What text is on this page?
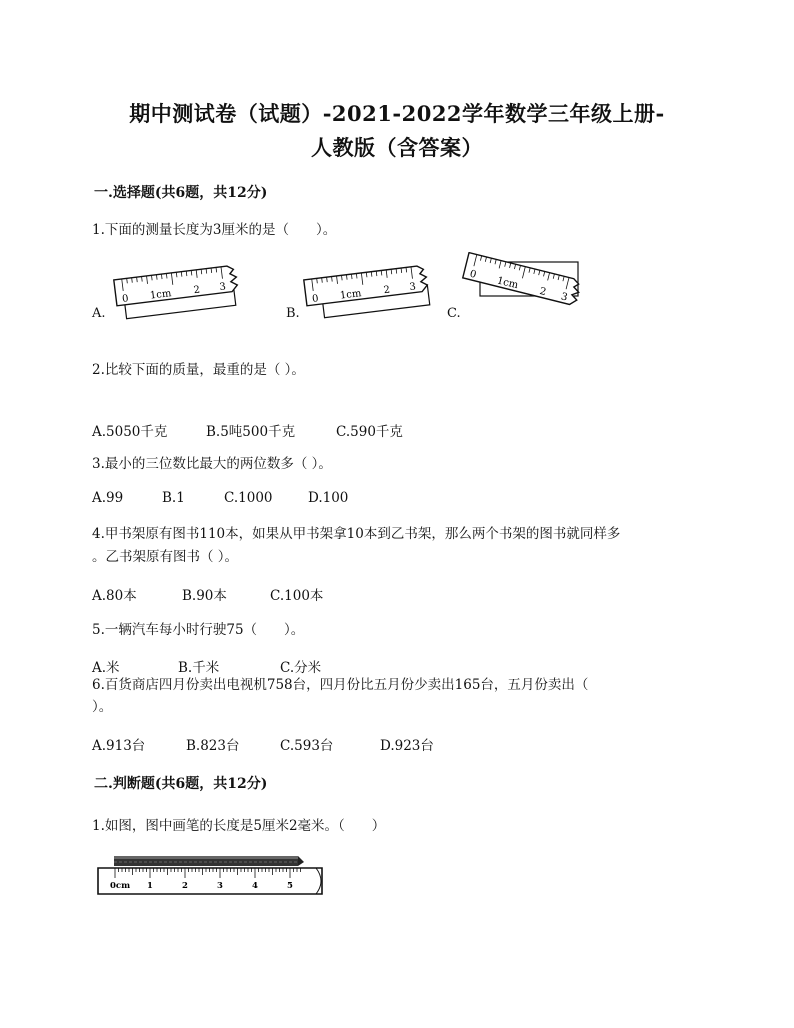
期中测试卷（试题）-2021-2022学年数学三年级上册-
人教版（含答案）
一.选择题(共6题，共12分)
1.下面的测量长度为3厘米的是（　　）。
A.
0 1cm 2 3
B.
0 1cm 2 3
C.
0
1cm
2 3
2.比较下面的质量，最重的是（ ）。
A.5050千克	B.5吨500千克	C.590千克
3.最小的三位数比最大的两位数多（ ）。
A.99	B.1	C.1000	D.100
4.甲书架原有图书110本，如果从甲书架拿10本到乙书架，那么两个书架的图书就同样多
。乙书架原有图书（ ）。
A.80本	B.90本	C.100本
5.一辆汽车每小时行驶75（　　）。
A.米	B.千米	C.分米
6.百货商店四月份卖出电视机758台，四月份比五月份少卖出165台，五月份卖出（
）。
A.913台	B.823台	C.593台	D.923台
二.判断题(共6题，共12分)
1.如图，图中画笔的长度是5厘米2毫米。（　　）
0cm 1	2	3	4	5
